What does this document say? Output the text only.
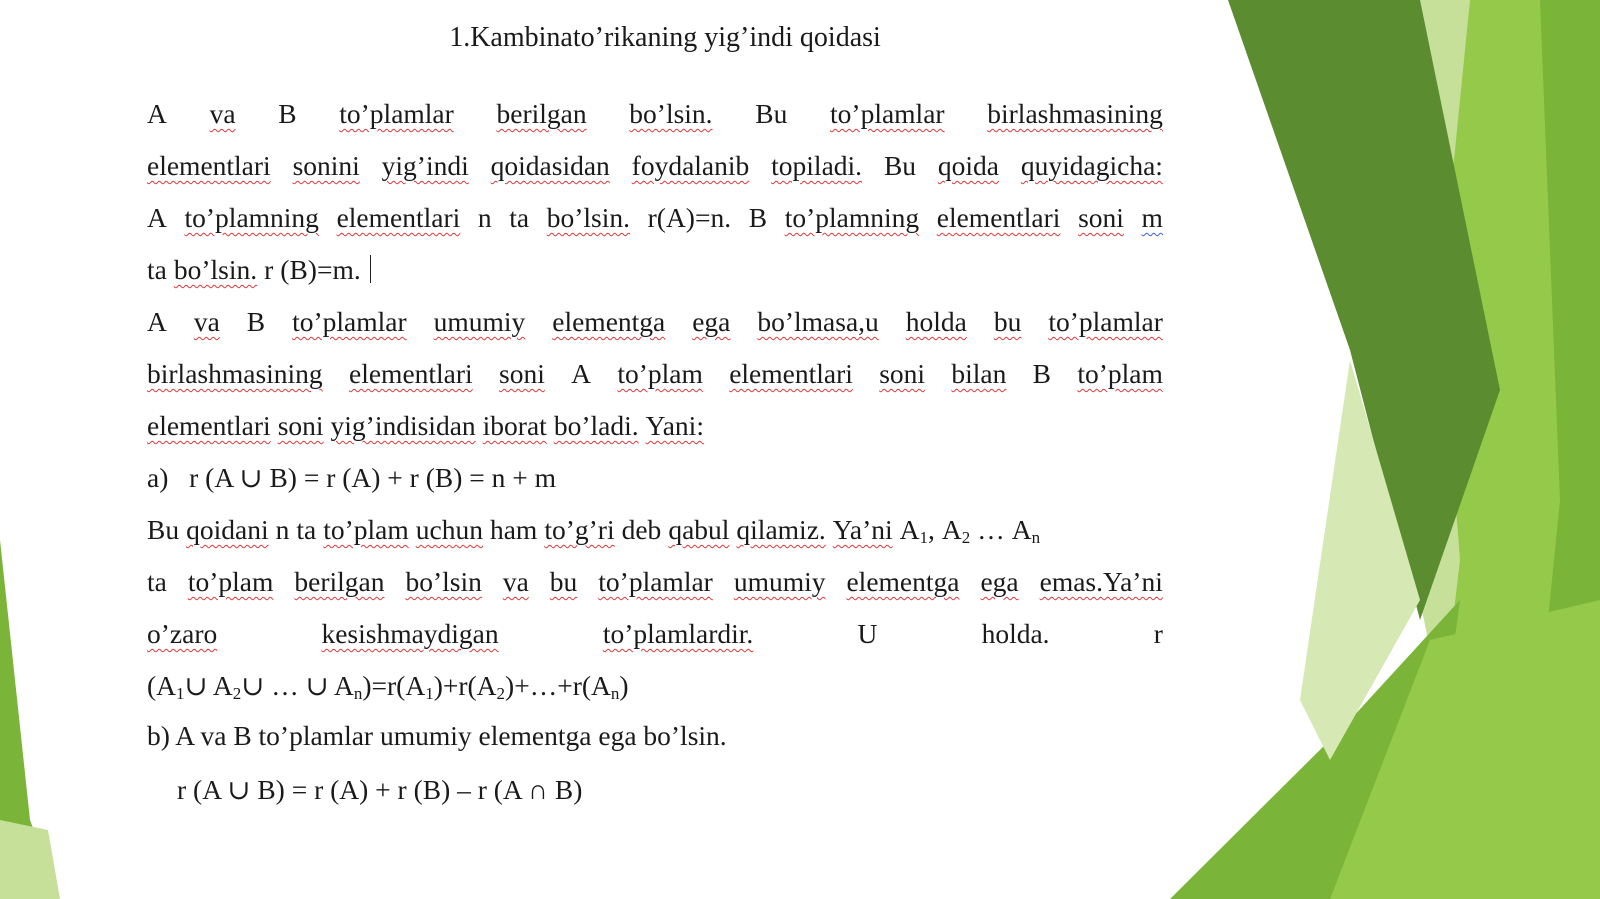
1.Kambinato’rikaning yig’indi qoidasi
A va B to’plamlar berilgan bo’lsin. Bu to’plamlar birlashmasining
elementlari sonini yig’indi qoidasidan foydalanib topiladi. Bu qoida quyidagicha:
A to’plamning elementlari n ta bo’lsin. r(A)=n. B to’plamning elementlari soni m
ta bo’lsin. r (B)=m.
A va B to’plamlar umumiy elementga ega bo’lmasa,u holda bu to’plamlar
birlashmasining elementlari soni A to’plam elementlari soni bilan B to’plam
elementlari soni yig’indisidan iborat bo’ladi. Yani:
a)  r (A ∪ B) = r (A) + r (B) = n + m
Bu qoidani n ta to’plam uchun ham to’g’ri deb qabul qilamiz. Ya’ni $A_1$, $A_2$ … $A_n$
ta to’plam berilgan bo’lsin va bu to’plamlar umumiy elementga ega emas.Ya’ni
o’zaro	kesishmaydigan	to’plamlardir.	U	holda.	r
($A_1\cup$ $A_2\cup$ … ∪ $A_n)=r(A_1)+r(A_2)+\dots+r(A_n)$
b) A va B to’plamlar umumiy elementga ega bo’lsin.
r (A ∪ B) = r (A) + r (B) – r (A ∩ B)
